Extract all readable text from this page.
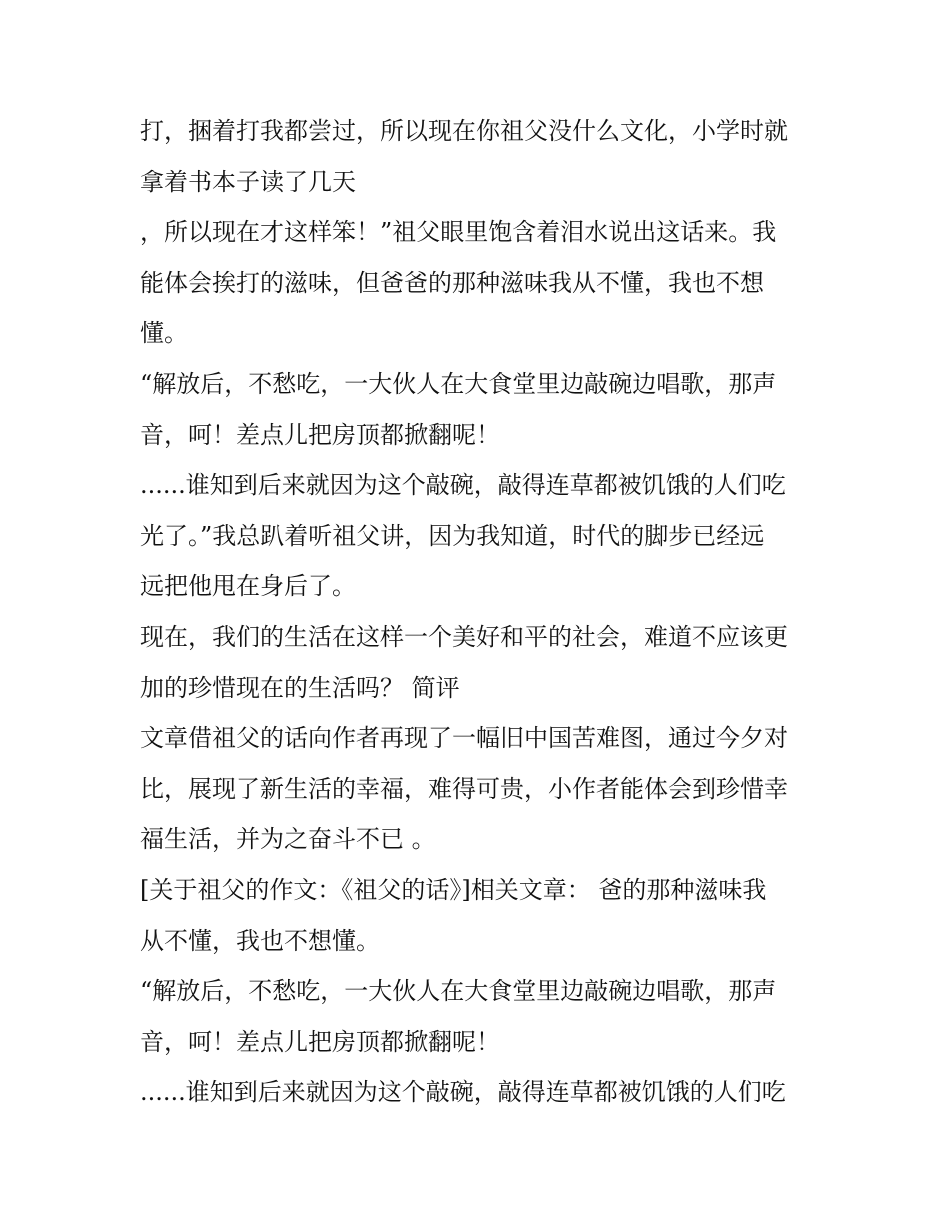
打，捆着打我都尝过，所以现在你祖父没什么文化，小学时就
拿着书本子读了几天
，所以现在才这样笨！”祖父眼里饱含着泪水说出这话来。我
能体会挨打的滋味，但爸爸的那种滋味我从不懂，我也不想
懂。
“解放后，不愁吃，一大伙人在大食堂里边敲碗边唱歌，那声
音，呵！差点儿把房顶都掀翻呢！
......谁知到后来就因为这个敲碗，敲得连草都被饥饿的人们吃
光了。”我总趴着听祖父讲，因为我知道，时代的脚步已经远
远把他甩在身后了。
现在，我们的生活在这样一个美好和平的社会，难道不应该更
加的珍惜现在的生活吗？ 简评
文章借祖父的话向作者再现了一幅旧中国苦难图，通过今夕对
比，展现了新生活的幸福，难得可贵，小作者能体会到珍惜幸
福生活，并为之奋斗不已 。
[关于祖父的作文：《祖父的话》]相关文章： 爸的那种滋味我
从不懂，我也不想懂。
“解放后，不愁吃，一大伙人在大食堂里边敲碗边唱歌，那声
音，呵！差点儿把房顶都掀翻呢！
......谁知到后来就因为这个敲碗，敲得连草都被饥饿的人们吃
